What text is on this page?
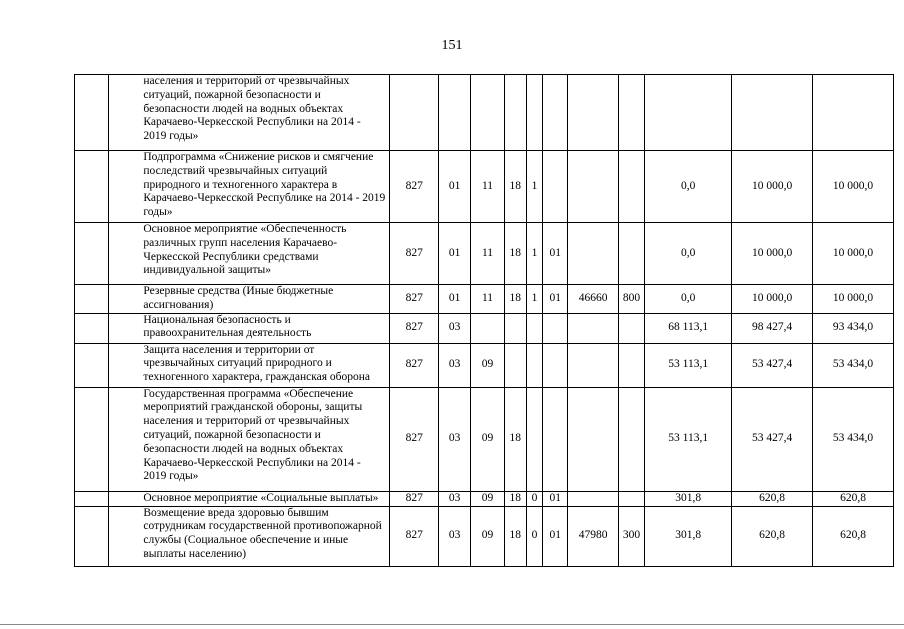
151
	населения и территорий от чрезвычайных ситуаций, пожарной безопасности и безопасности людей на водных объектах Карачаево-Черкесской Республики на 2014 - 2019 годы»											
	Подпрограмма «Снижение рисков и смягчение последствий чрезвычайных ситуаций природного и техногенного характера в Карачаево-Черкесской Республике на 2014 - 2019 годы»	827	01	11	18	1				0,0	10 000,0	10 000,0
	Основное мероприятие «Обеспеченность различных групп населения Карачаево-Черкесской Республики средствами индивидуальной защиты»	827	01	11	18	1	01			0,0	10 000,0	10 000,0
	Резервные средства (Иные бюджетные ассигнования)	827	01	11	18	1	01	46660	800	0,0	10 000,0	10 000,0
	Национальная безопасность и правоохранительная деятельность	827	03							68 113,1	98 427,4	93 434,0
	Защита населения и территории от чрезвычайных ситуаций природного и техногенного характера, гражданская оборона	827	03	09						53 113,1	53 427,4	53 434,0
	Государственная программа «Обеспечение мероприятий гражданской обороны, защиты населения и территорий от чрезвычайных ситуаций, пожарной безопасности и безопасности людей на водных объектах Карачаево-Черкесской Республики на 2014 - 2019 годы»	827	03	09	18					53 113,1	53 427,4	53 434,0
	Основное мероприятие «Социальные выплаты»	827	03	09	18	0	01			301,8	620,8	620,8
	Возмещение вреда здоровью бывшим сотрудникам государственной противопожарной службы (Социальное обеспечение и иные выплаты населению)	827	03	09	18	0	01	47980	300	301,8	620,8	620,8
